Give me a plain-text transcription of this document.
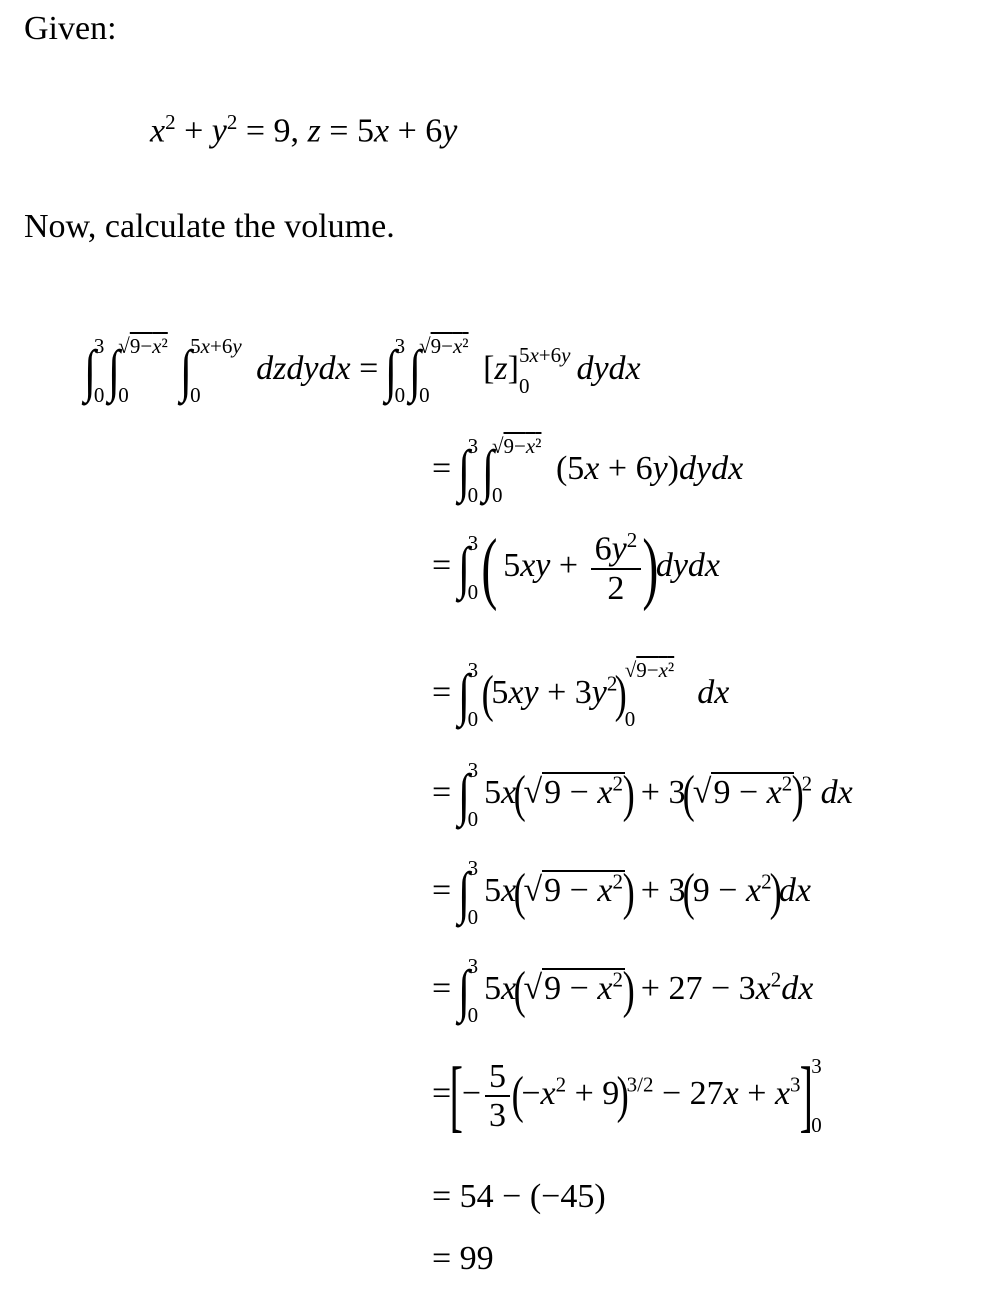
Given:
$x^2 + y^2 = 9$, z = 5x + 6y
Now, calculate the volume.
∫
3
0 ∫
√9−x²
0 ∫
5x+6y
0
dzdydx = ∫
3
0 ∫
√9−x²
0
[z] 5x+6y
0 dydx
= ∫
3
0 ∫
√9−x²
0
(5x + 6y)dydx
= ∫
3
0 ( $5xy + \frac{6y^2}{2}$ )dydx
= ∫
3
0 $(5xy + 3y^2)$
√9−x²
0
dx
= ∫
3
0
$5x(√9 - x^2) + 3(√9 - x^2)^2$ dx
= ∫
3
0
$5x(√9 - x^2) + 3(9 - x^2)dx$
= ∫
3
0
$5x(√9 - x^2) + 27 - 3x^2dx$
=[− $\frac{5}{3} (-x^2 + 9)^{3/2} - 27x + x^3$]
3
0
= 54 − (−45)
= 99
